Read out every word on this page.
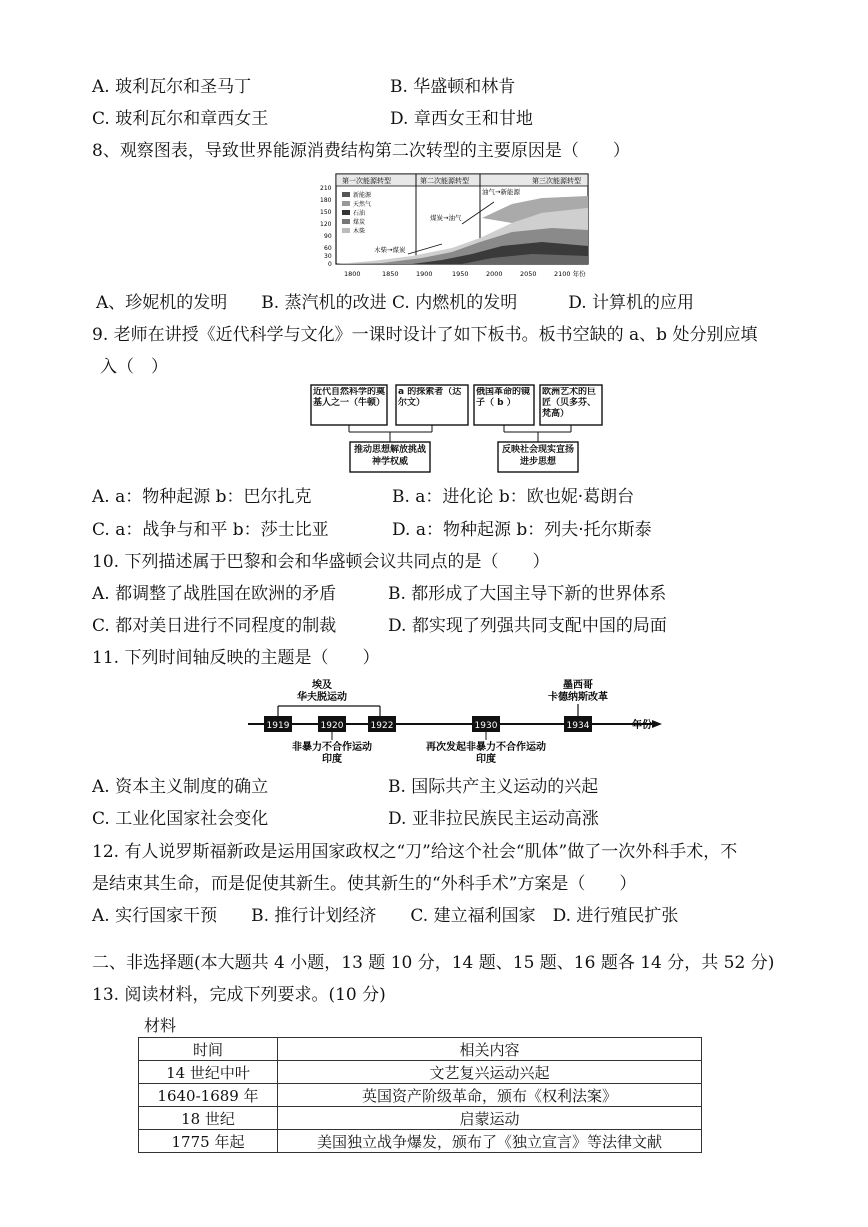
A. 玻利瓦尔和圣马丁	B. 华盛顿和林肯
C. 玻利瓦尔和章西女王	D. 章西女王和甘地
8、观察图表，导致世界能源消费结构第二次转型的主要原因是（　　）
第一次能源转型	第二次能源转型	第三次能源转型
新能源
天然气
石油
煤炭
木柴
木柴→煤炭
煤炭→油气
油气→新能源
210
180
150
120
90
60
30
0
1800	1850	1900	1950	2000	2050	2100 年份
A、珍妮机的发明　　B. 蒸汽机的改进 C. 内燃机的发明　　　D. 计算机的应用
9. 老师在讲授《近代科学与文化》一课时设计了如下板书。板书空缺的 a、b 处分别应填
入（　）
近代自然科学的奠基人之一（牛顿）
a 的探索者（达尔文）
俄国革命的镜子（ b ）
欧洲艺术的巨匠（贝多芬、梵高）
推动思想解放挑战神学权威
反映社会现实宣扬进步思想
A. a：物种起源 b：巴尔扎克	B. a：进化论 b：欧也妮·葛朗台
C. a：战争与和平 b：莎士比亚	D. a：物种起源 b：列夫·托尔斯泰
10. 下列描述属于巴黎和会和华盛顿会议共同点的是（　　）
A. 都调整了战胜国在欧洲的矛盾	B. 都形成了大国主导下新的世界体系
C. 都对美日进行不同程度的制裁	D. 都实现了列强共同支配中国的局面
11. 下列时间轴反映的主题是（　　）
埃及
华夫脱运动
墨西哥
卡德纳斯改革
1919	1920	1922	1930	1934	年份
非暴力不合作运动
印度
再次发起非暴力不合作运动
印度
A. 资本主义制度的确立	B. 国际共产主义运动的兴起
C. 工业化国家社会变化	D. 亚非拉民族民主运动高涨
12. 有人说罗斯福新政是运用国家政权之“刀”给这个社会“肌体”做了一次外科手术，不
是结束其生命，而是促使其新生。使其新生的“外科手术”方案是（　　）
A. 实行国家干预　　B. 推行计划经济　　C. 建立福利国家　D. 进行殖民扩张
二、非选择题(本大题共 4 小题，13 题 10 分，14 题、15 题、16 题各 14 分，共 52 分)
13. 阅读材料，完成下列要求。(10 分)
材料
时间	相关内容
14 世纪中叶	文艺复兴运动兴起
1640-1689 年	英国资产阶级革命，颁布《权利法案》
18 世纪	启蒙运动
1775 年起	美国独立战争爆发，颁布了《独立宣言》等法律文献
